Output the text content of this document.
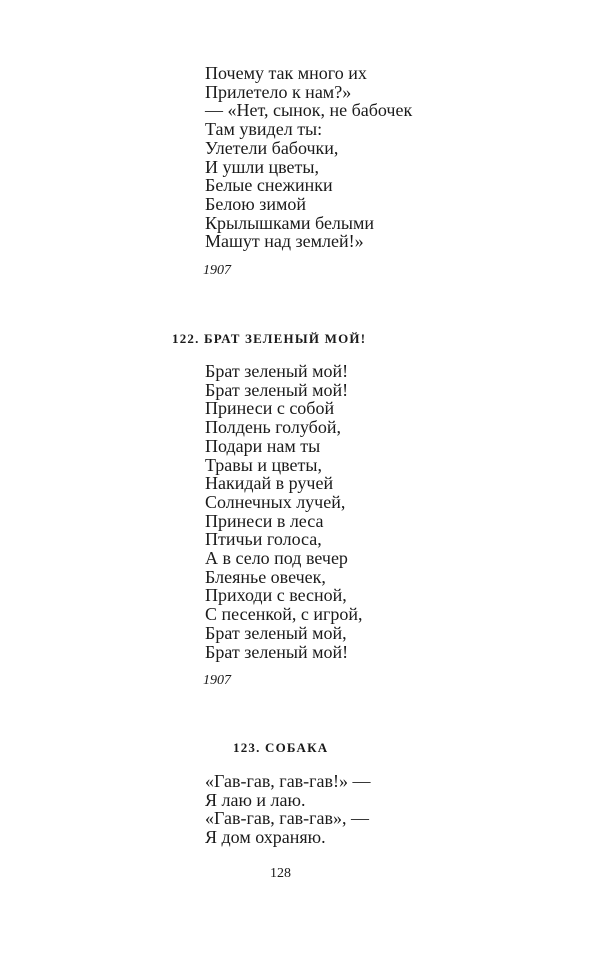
Почему так много их
Прилетело к нам?»
— «Нет, сынок, не бабочек
Там увидел ты:
Улетели бабочки,
И ушли цветы,
Белые снежинки
Белою зимой
Крылышками белыми
Машут над землей!»
1907
122. БРАТ ЗЕЛЕНЫЙ МОЙ!
Брат зеленый мой!
Брат зеленый мой!
Принеси с собой
Полдень голубой,
Подари нам ты
Травы и цветы,
Накидай в ручей
Солнечных лучей,
Принеси в леса
Птичьи голоса,
А в село под вечер
Блеянье овечек,
Приходи с весной,
С песенкой, с игрой,
Брат зеленый мой,
Брат зеленый мой!
1907
123. СОБАКА
«Гав-гав, гав-гав!» —
Я лаю и лаю.
«Гав-гав, гав-гав», —
Я дом охраняю.
128
